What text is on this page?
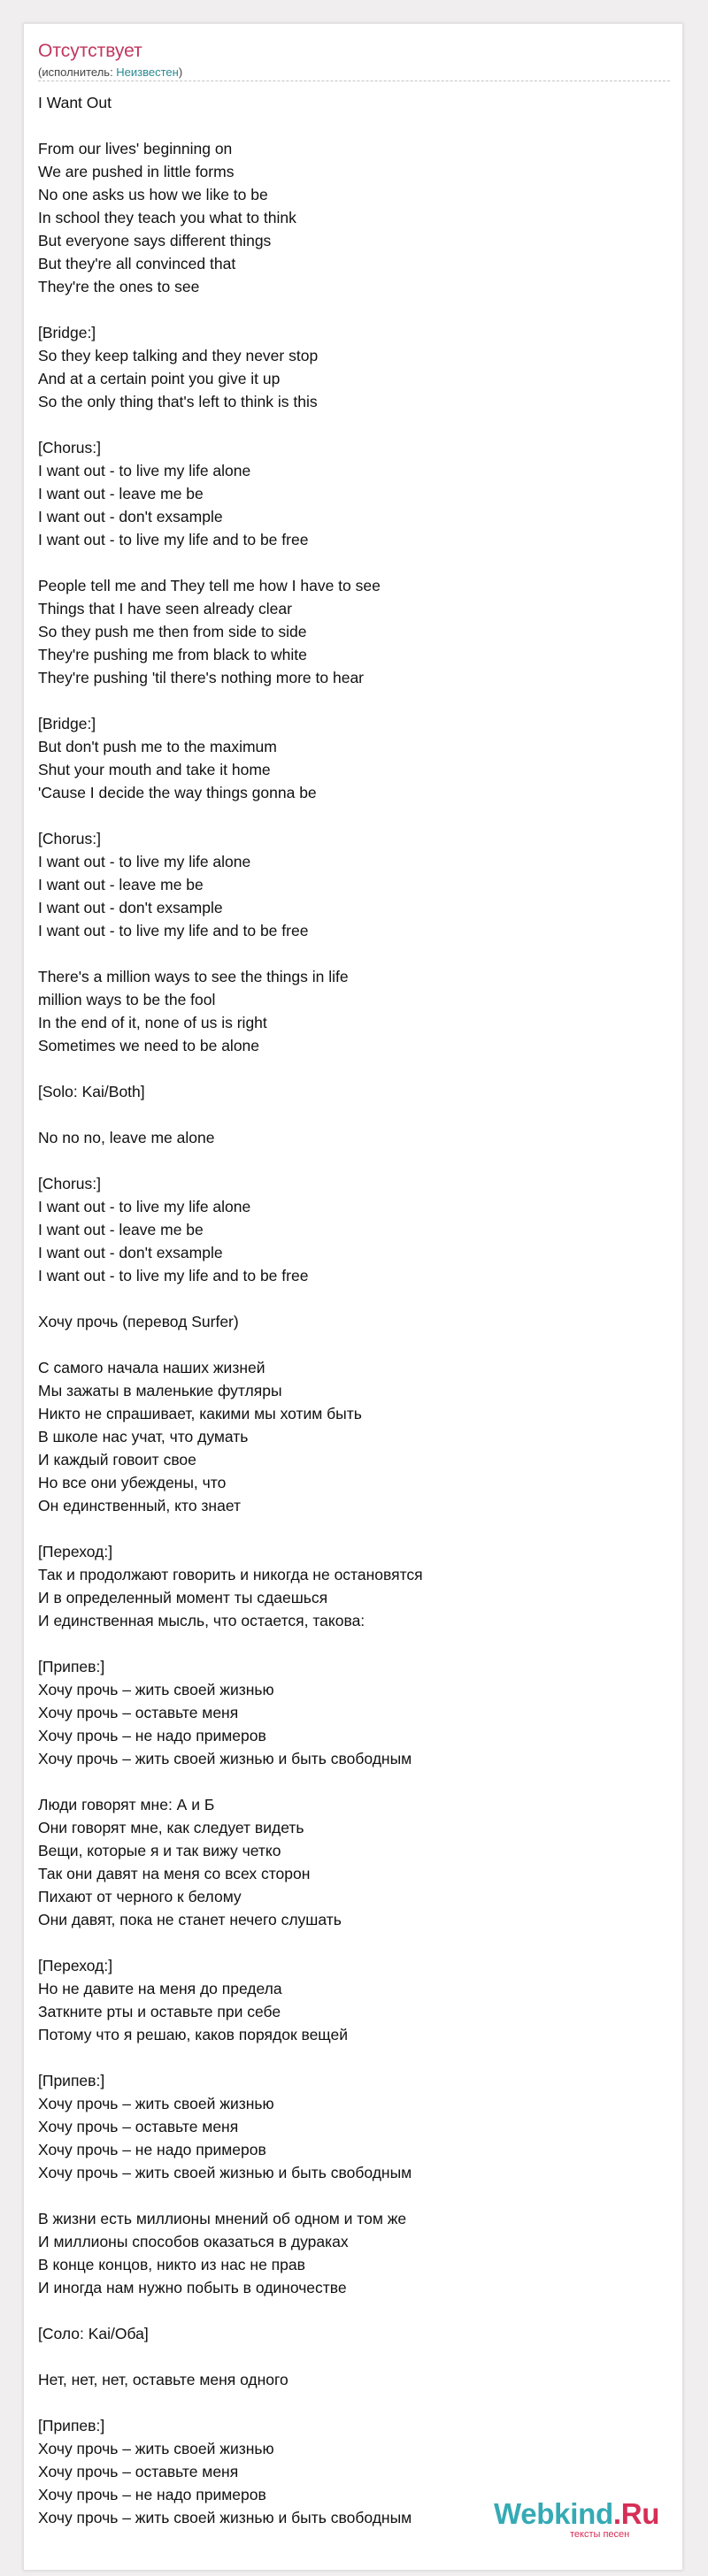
Отсутствует
(исполнитель: Неизвестен)
I Want Out
From our lives' beginning on
We are pushed in little forms
No one asks us how we like to be
In school they teach you what to think
But everyone says different things
But they're all convinced that
They're the ones to see
[Bridge:]
So they keep talking and they never stop
And at a certain point you give it up
So the only thing that's left to think is this
[Chorus:]
I want out - to live my life alone
I want out - leave me be
I want out - don't exsample
I want out - to live my life and to be free
People tell me and They tell me how I have to see
Things that I have seen already clear
So they push me then from side to side
They're pushing me from black to white
They're pushing 'til there's nothing more to hear
[Bridge:]
But don't push me to the maximum
Shut your mouth and take it home
'Cause I decide the way things gonna be
[Chorus:]
I want out - to live my life alone
I want out - leave me be
I want out - don't exsample
I want out - to live my life and to be free
There's a million ways to see the things in life
million ways to be the fool
In the end of it, none of us is right
Sometimes we need to be alone
[Solo: Kai/Both]
No no no, leave me alone
[Chorus:]
I want out - to live my life alone
I want out - leave me be
I want out - don't exsample
I want out - to live my life and to be free
Хочу прочь (перевод Surfer)
С самого начала наших жизней
Мы зажаты в маленькие футляры
Никто не спрашивает, какими мы хотим быть
В школе нас учат, что думать
И каждый говоит свое
Но все они убеждены, что
Он единственный, кто знает
[Переход:]
Так и продолжают говорить и никогда не остановятся
И в определенный момент ты сдаешься
И единственная мысль, что остается, такова:
[Припев:]
Хочу прочь – жить своей жизнью
Хочу прочь – оставьте меня
Хочу прочь – не надо примеров
Хочу прочь – жить своей жизнью и быть свободным
Люди говорят мне: А и Б
Они говорят мне, как следует видеть
Вещи, которые я и так вижу четко
Так они давят на меня со всех сторон
Пихают от черного к белому
Они давят, пока не станет нечего слушать
[Переход:]
Но не давите на меня до предела
Заткните рты и оставьте при себе
Потому что я решаю, каков порядок вещей
[Припев:]
Хочу прочь – жить своей жизнью
Хочу прочь – оставьте меня
Хочу прочь – не надо примеров
Хочу прочь – жить своей жизнью и быть свободным
В жизни есть миллионы мнений об одном и том же
И миллионы способов оказаться в дураках
В конце концов, никто из нас не прав
И иногда нам нужно побыть в одиночестве
[Соло: Kai/Оба]
Нет, нет, нет, оставьте меня одного
[Припев:]
Хочу прочь – жить своей жизнью
Хочу прочь – оставьте меня
Хочу прочь – не надо примеров
Хочу прочь – жить своей жизнью и быть свободным	Webkind.Ru
тексты песен
